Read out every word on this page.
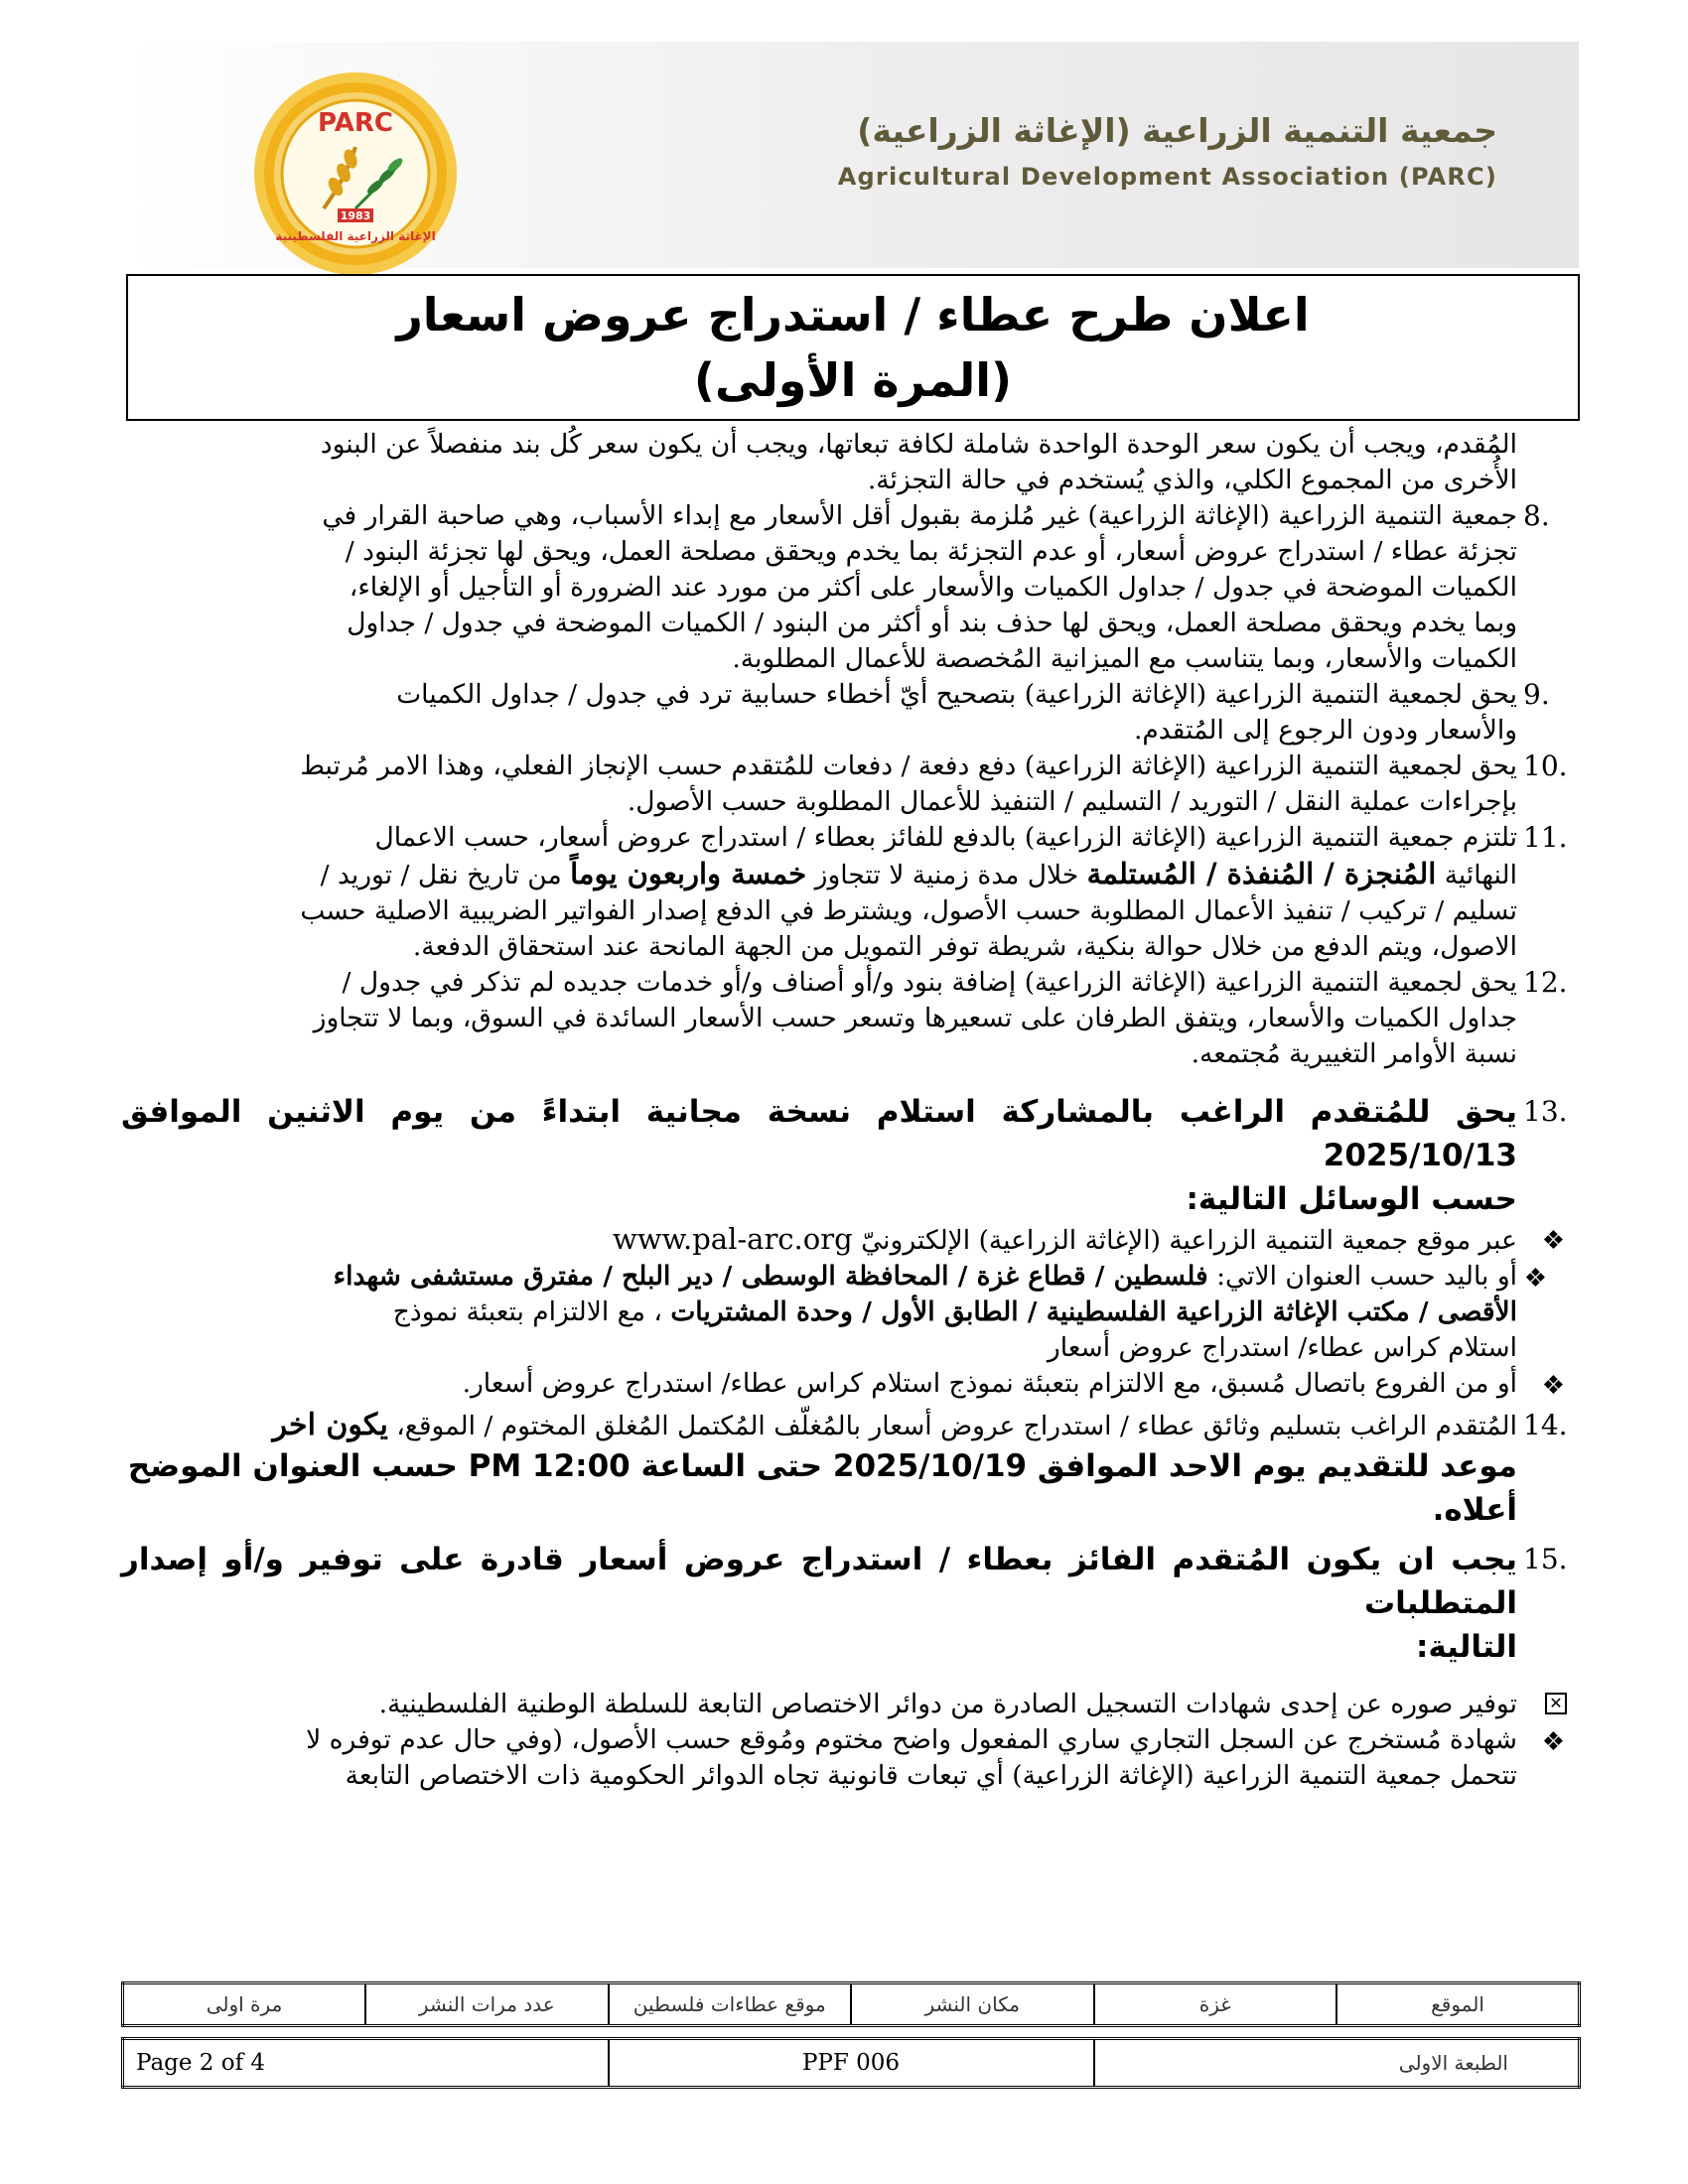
PARC
1983
الإغاثة الزراعية الفلسطينية
جمعية التنمية الزراعية (الإغاثة الزراعية)
Agricultural Development Association (PARC)
اعلان طرح عطاء / استدراج عروض اسعار
(المرة الأولى)

المُقدم، ويجب أن يكون سعر الوحدة الواحدة شاملة لكافة تبعاتها، ويجب أن يكون سعر كُل بند منفصلاً عن البنود

الأُخرى من المجموع الكلي، والذي يُستخدم في حالة التجزئة.

8.

جمعية التنمية الزراعية (الإغاثة الزراعية) غير مُلزمة بقبول أقل الأسعار مع إبداء الأسباب، وهي صاحبة القرار في

تجزئة عطاء / استدراج عروض أسعار، أو عدم التجزئة بما يخدم ويحقق مصلحة العمل، ويحق لها تجزئة البنود /

الكميات الموضحة في جدول / جداول الكميات والأسعار على أكثر من مورد عند الضرورة أو التأجيل أو الإلغاء،

وبما يخدم ويحقق مصلحة العمل، ويحق لها حذف بند أو أكثر من البنود / الكميات الموضحة في جدول / جداول

الكميات والأسعار، وبما يتناسب مع الميزانية المُخصصة للأعمال المطلوبة.

9.

يحق لجمعية التنمية الزراعية (الإغاثة الزراعية) بتصحيح أيّ أخطاء حسابية ترد في جدول / جداول الكميات

والأسعار ودون الرجوع إلى المُتقدم.

10.

يحق لجمعية التنمية الزراعية (الإغاثة الزراعية) دفع دفعة / دفعات للمُتقدم حسب الإنجاز الفعلي، وهذا الامر مُرتبط

بإجراءات عملية النقل / التوريد / التسليم / التنفيذ للأعمال المطلوبة حسب الأصول.

11.

تلتزم جمعية التنمية الزراعية (الإغاثة الزراعية) بالدفع للفائز بعطاء / استدراج عروض أسعار، حسب الاعمال

النهائية المُنجزة / المُنفذة / المُستلمة خلال مدة زمنية لا تتجاوز خمسة واربعون يوماً من تاريخ نقل / توريد /

تسليم / تركيب / تنفيذ الأعمال المطلوبة حسب الأصول، ويشترط في الدفع إصدار الفواتير الضريبية الاصلية حسب

الاصول، ويتم الدفع من خلال حوالة بنكية، شريطة توفر التمويل من الجهة المانحة عند استحقاق الدفعة.

12.

يحق لجمعية التنمية الزراعية (الإغاثة الزراعية) إضافة بنود و/أو أصناف و/أو خدمات جديده لم تذكر في جدول /

جداول الكميات والأسعار، ويتفق الطرفان على تسعيرها وتسعر حسب الأسعار السائدة في السوق، وبما لا تتجاوز

نسبة الأوامر التغييرية مُجتمعه.

13.

يحق للمُتقدم الراغب بالمشاركة استلام نسخة مجانية ابتداءً من يوم الاثنين الموافق 2025/10/13

حسب الوسائل التالية:

❖

عبر موقع جمعية التنمية الزراعية (الإغاثة الزراعية) الإلكترونيّ www.pal-arc.org

❖

أو باليد حسب العنوان الاتي: فلسطين / قطاع غزة / المحافظة الوسطى / دير البلح / مفترق مستشفى شهداء

الأقصى / مكتب الإغاثة الزراعية الفلسطينية / الطابق الأول / وحدة المشتريات ، مع الالتزام بتعبئة نموذج

استلام كراس عطاء/ استدراج عروض أسعار

❖

أو من الفروع باتصال مُسبق، مع الالتزام بتعبئة نموذج استلام كراس عطاء/ استدراج عروض أسعار.

14.

المُتقدم الراغب بتسليم وثائق عطاء / استدراج عروض أسعار بالمُغلّف المُكتمل المُغلق المختوم / الموقع، يكون اخر

موعد للتقديم يوم الاحد الموافق 2025/10/19 حتى الساعة 12:00 PM حسب العنوان الموضح

أعلاه.

15.

يجب ان يكون المُتقدم الفائز بعطاء / استدراج عروض أسعار قادرة على توفير و/أو إصدار المتطلبات

التالية:

✕

توفير صوره عن إحدى شهادات التسجيل الصادرة من دوائر الاختصاص التابعة للسلطة الوطنية الفلسطينية.

❖

شهادة مُستخرج عن السجل التجاري ساري المفعول واضح مختوم ومُوقع حسب الأصول، (وفي حال عدم توفره لا

تتحمل جمعية التنمية الزراعية (الإغاثة الزراعية) أي تبعات قانونية تجاه الدوائر الحكومية ذات الاختصاص التابعة

الموقع	غزة	مكان النشر	موقع عطاءات فلسطين	عدد مرات النشر	مرة اولى
Page 2 of 4	PPF 006	الطبعة الاولى
